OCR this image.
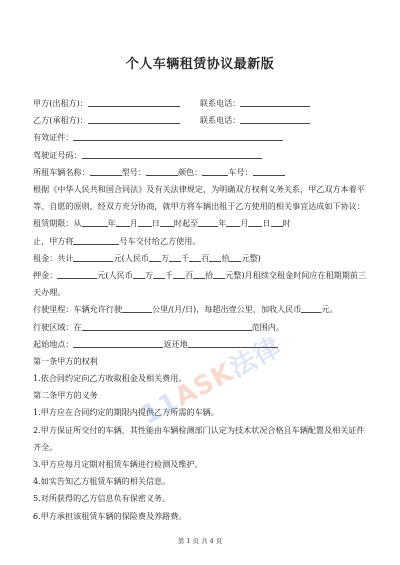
个人车辆租赁协议最新版
甲方(出租方)：	联系电话：
乙方(承租方)：	联系电话：
有效证件：
驾驶证号码：
所租车辆名称：	型号：	颜色：	车号：
根据《中华人民共和国合同法》及有关法律规定，为明确双方权利义务关系，甲乙双方本着平等、自愿的原则，经双方充分协商，就甲方将车辆出租于乙方使用的相关事宜达成如下协议：
租赁期限：从	年 月 日 时起至 年 月 日 时
止，甲方将	号车交付给乙方使用。
租金：共计	元(人民币 万 千 百 拾 元整)
押金：	元(人民币 万 千 百 拾 元整)月租续交租金时间应在租期期前三天办理。
行驶里程：车辆允许行驶	公里/(月/日)，每超出壹公里，加收人民币 元。
行驶区域：在	范围内。
起始地点：	返还地
第一条甲方的权利
1.依合同约定向乙方收取租金及相关费用。
第二条甲方的义务
1.甲方应在合同约定的期限内提供乙方所需的车辆。
2.甲方保证所交付的车辆，其性能由车辆检测部门认定为技术状况合格且车辆配置及相关证件齐全。
3.甲方应每月定期对租赁车辆进行检测及维护。
4.如实告知乙方租赁车辆的相关信息。
5.对所获得的乙方信息负有保密义务。
6.甲方承担该租赁车辆的保险费及养路费。
11ASK法律
第 1 页 共 4 页
